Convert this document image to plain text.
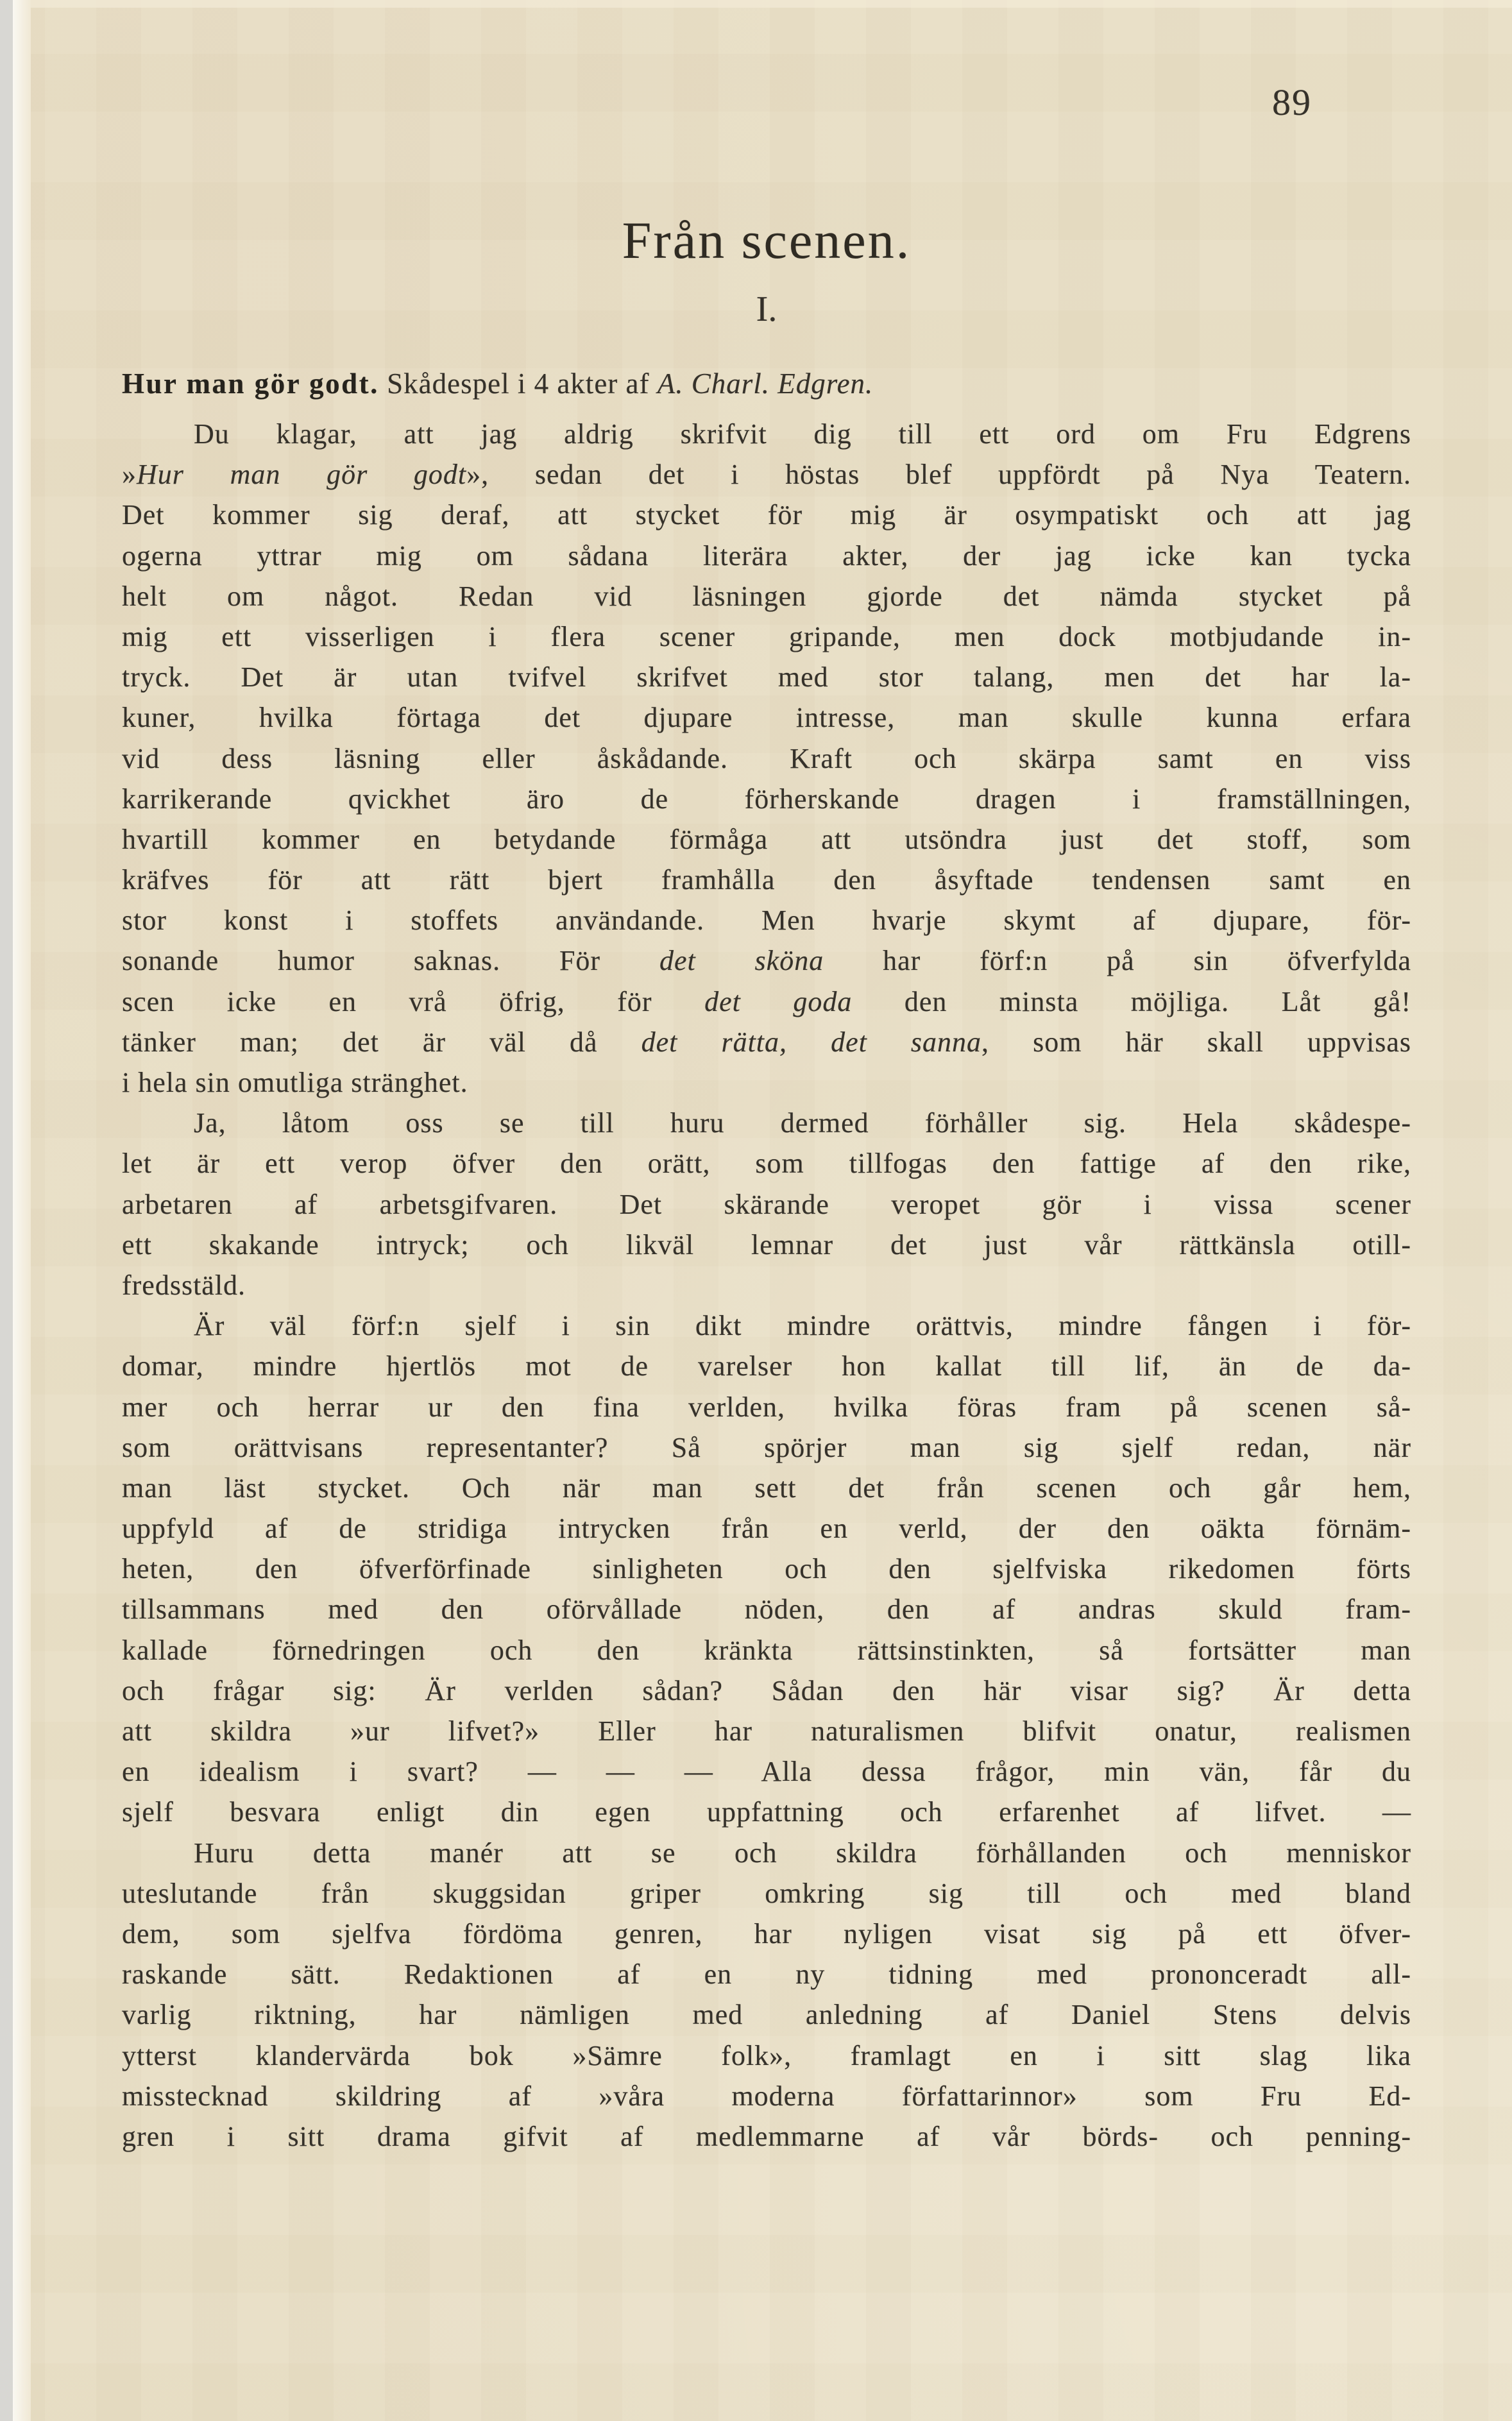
89
Från scenen.
I.
Hur man gör godt. Skådespel i 4 akter af A. Charl. Edgren.
Du klagar, att jag aldrig skrifvit dig till ett ord om Fru Edgrens
»Hur man gör godt», sedan det i höstas blef uppfördt på Nya Teatern.
Det kommer sig deraf, att stycket för mig är osympatiskt och att jag
ogerna yttrar mig om sådana literära akter, der jag icke kan tycka
helt om något. Redan vid läsningen gjorde det nämda stycket på
mig ett visserligen i flera scener gripande, men dock motbjudande in-
tryck. Det är utan tvifvel skrifvet med stor talang, men det har la-
kuner, hvilka förtaga det djupare intresse, man skulle kunna erfara
vid dess läsning eller åskådande. Kraft och skärpa samt en viss
karrikerande qvickhet äro de förherskande dragen i framställningen,
hvartill kommer en betydande förmåga att utsöndra just det stoff, som
kräfves för att rätt bjert framhålla den åsyftade tendensen samt en
stor konst i stoffets användande. Men hvarje skymt af djupare, för-
sonande humor saknas. För det sköna har förf:n på sin öfverfylda
scen icke en vrå öfrig, för det goda den minsta möjliga. Låt gå!
tänker man; det är väl då det rätta, det sanna, som här skall uppvisas
i hela sin omutliga stränghet.
Ja, låtom oss se till huru dermed förhåller sig. Hela skådespe-
let är ett verop öfver den orätt, som tillfogas den fattige af den rike,
arbetaren af arbetsgifvaren. Det skärande veropet gör i vissa scener
ett skakande intryck; och likväl lemnar det just vår rättkänsla otill-
fredsstäld.
Är väl förf:n sjelf i sin dikt mindre orättvis, mindre fången i för-
domar, mindre hjertlös mot de varelser hon kallat till lif, än de da-
mer och herrar ur den fina verlden, hvilka föras fram på scenen så-
som orättvisans representanter? Så spörjer man sig sjelf redan, när
man läst stycket. Och när man sett det från scenen och går hem,
uppfyld af de stridiga intrycken från en verld, der den oäkta förnäm-
heten, den öfverförfinade sinligheten och den sjelfviska rikedomen förts
tillsammans med den oförvållade nöden, den af andras skuld fram-
kallade förnedringen och den kränkta rättsinstinkten, så fortsätter man
och frågar sig: Är verlden sådan? Sådan den här visar sig? Är detta
att skildra »ur lifvet?» Eller har naturalismen blifvit onatur, realismen
en idealism i svart? — — — Alla dessa frågor, min vän, får du
sjelf besvara enligt din egen uppfattning och erfarenhet af lifvet. —
Huru detta manér att se och skildra förhållanden och menniskor
uteslutande från skuggsidan griper omkring sig till och med bland
dem, som sjelfva fördöma genren, har nyligen visat sig på ett öfver-
raskande sätt. Redaktionen af en ny tidning med prononceradt all-
varlig riktning, har nämligen med anledning af Daniel Stens delvis
ytterst klandervärda bok »Sämre folk», framlagt en i sitt slag lika
misstecknad skildring af »våra moderna författarinnor» som Fru Ed-
gren i sitt drama gifvit af medlemmarne af vår börds- och penning-
